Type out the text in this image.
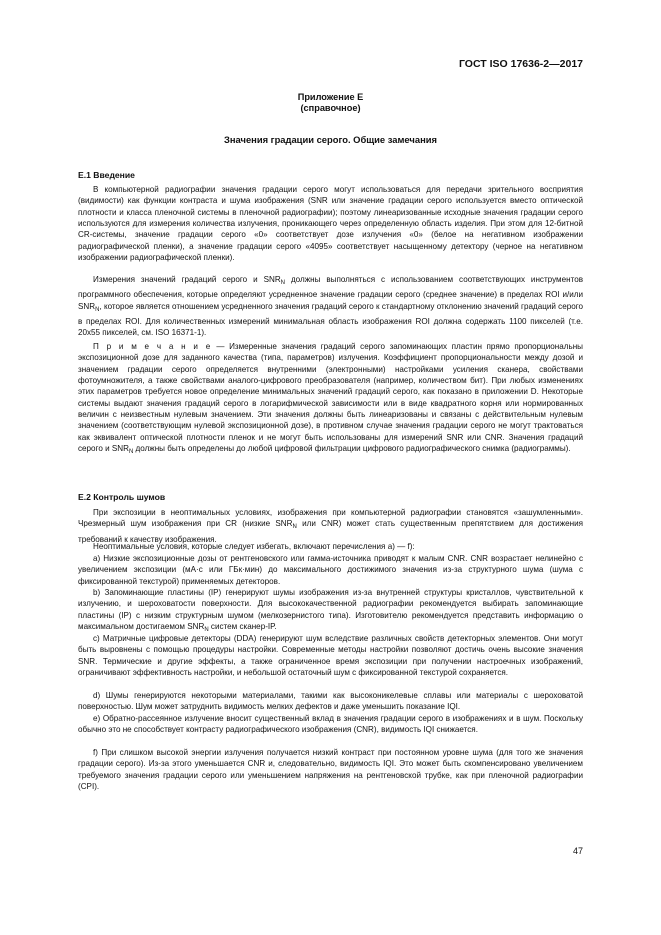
ГОСТ ISO 17636-2—2017
Приложение Е
(справочное)
Значения градации серого. Общие замечания
Е.1 Введение

В компьютерной радиографии значения градации серого могут использоваться для передачи зрительного восприятия (видимости) как функции контраста и шума изображения (SNR или значение градации серого используется вместо оптической плотности и класса пленочной системы в пленочной радиографии); поэтому линеаризованные исходные значения градации серого используются для измерения количества излучения, проникающего через определенную область изделия. При этом для 12-битной CR-системы, значение градации серого «0» соответствует дозе излучения «0» (белое на негативном изображении радиографической пленки), а значение градации серого «4095» соответствует насыщенному детектору (черное на негативном изображении радиографической пленки).

Измерения значений градаций серого и $SNR_N$ должны выполняться с использованием соответствующих инструментов программного обеспечения, которые определяют усредненное значение градации серого (среднее значение) в пределах ROI и/или $SNR_N$, которое является отношением усредненного значения градаций серого к стандартному отклонению значений градаций серого в пределах ROI. Для количественных измерений минимальная область изображения ROI должна содержать 1100 пикселей (т.е. 20х55 пикселей, см. ISO 16371-1).

П р и м е ч а н и е — Измеренные значения градаций серого запоминающих пластин прямо пропорциональны экспозиционной дозе для заданного качества (типа, параметров) излучения. Коэффициент пропорциональности между дозой и значением градации серого определяется внутренними (электронными) настройками усиления сканера, свойствами фотоумножителя, а также свойствами аналого-цифрового преобразователя (например, количеством бит). При любых изменениях этих параметров требуется новое определение минимальных значений градаций серого, как показано в приложении D. Некоторые системы выдают значения градаций серого в логарифмической зависимости или в виде квадратного корня или нормированных величин с неизвестным нулевым значением. Эти значения должны быть линеаризованы и связаны с действительным нулевым значением (соответствующим нулевой экспозиционной дозе), в противном случае значения градации серого не могут трактоваться как эквивалент оптической плотности пленок и не могут быть использованы для измерений SNR или CNR. Значения градаций серого и $SNR_N$ должны быть определены до любой цифровой фильтрации цифрового радиографического снимка (радиограммы).

Е.2 Контроль шумов

При экспозиции в неоптимальных условиях, изображения при компьютерной радиографии становятся «зашумленными». Чрезмерный шум изображения при CR (низкие $SNR_N$ или CNR) может стать существенным препятствием для достижения требований к качеству изображения.

Неоптимальные условия, которые следует избегать, включают перечисления а) — f):

а) Низкие экспозиционные дозы от рентгеновского или гамма-источника приводят к малым CNR. CNR возрастает нелинейно с увеличением экспозиции (мА·с или ГБк·мин) до максимального достижимого значения из-за структурного шума (шума с фиксированной текстурой) применяемых детекторов.

b) Запоминающие пластины (IP) генерируют шумы изображения из-за внутренней структуры кристаллов, чувствительной к излучению, и шероховатости поверхности. Для высококачественной радиографии рекомендуется выбирать запоминающие пластины (IP) с низким структурным шумом (мелкозернистого типа). Изготовителю рекомендуется представить информацию о максимальном достигаемом $SNR_N$ систем сканер-IP.

с) Матричные цифровые детекторы (DDA) генерируют шум вследствие различных свойств детекторных элементов. Они могут быть выровнены с помощью процедуры настройки. Современные методы настройки позволяют достичь очень высокие значения SNR. Термические и другие эффекты, а также ограниченное время экспозиции при получении настроечных изображений, ограничивают эффективность настройки, и небольшой остаточный шум с фиксированной текстурой сохраняется.

d) Шумы генерируются некоторыми материалами, такими как высоконикелевые сплавы или материалы с шероховатой поверхностью. Шум может затруднить видимость мелких дефектов и даже уменьшить показание IQI.

е) Обратно-рассеянное излучение вносит существенный вклад в значения градации серого в изображениях и в шум. Поскольку обычно это не способствует контрасту радиографического изображения (CNR), видимость IQI снижается.

f) При слишком высокой энергии излучения получается низкий контраст при постоянном уровне шума (для того же значения градации серого). Из-за этого уменьшается CNR и, следовательно, видимость IQI. Это может быть скомпенсировано увеличением требуемого значения градации серого или уменьшением напряжения на рентгеновской трубке, как при пленочной радиографии (CPI).

47
